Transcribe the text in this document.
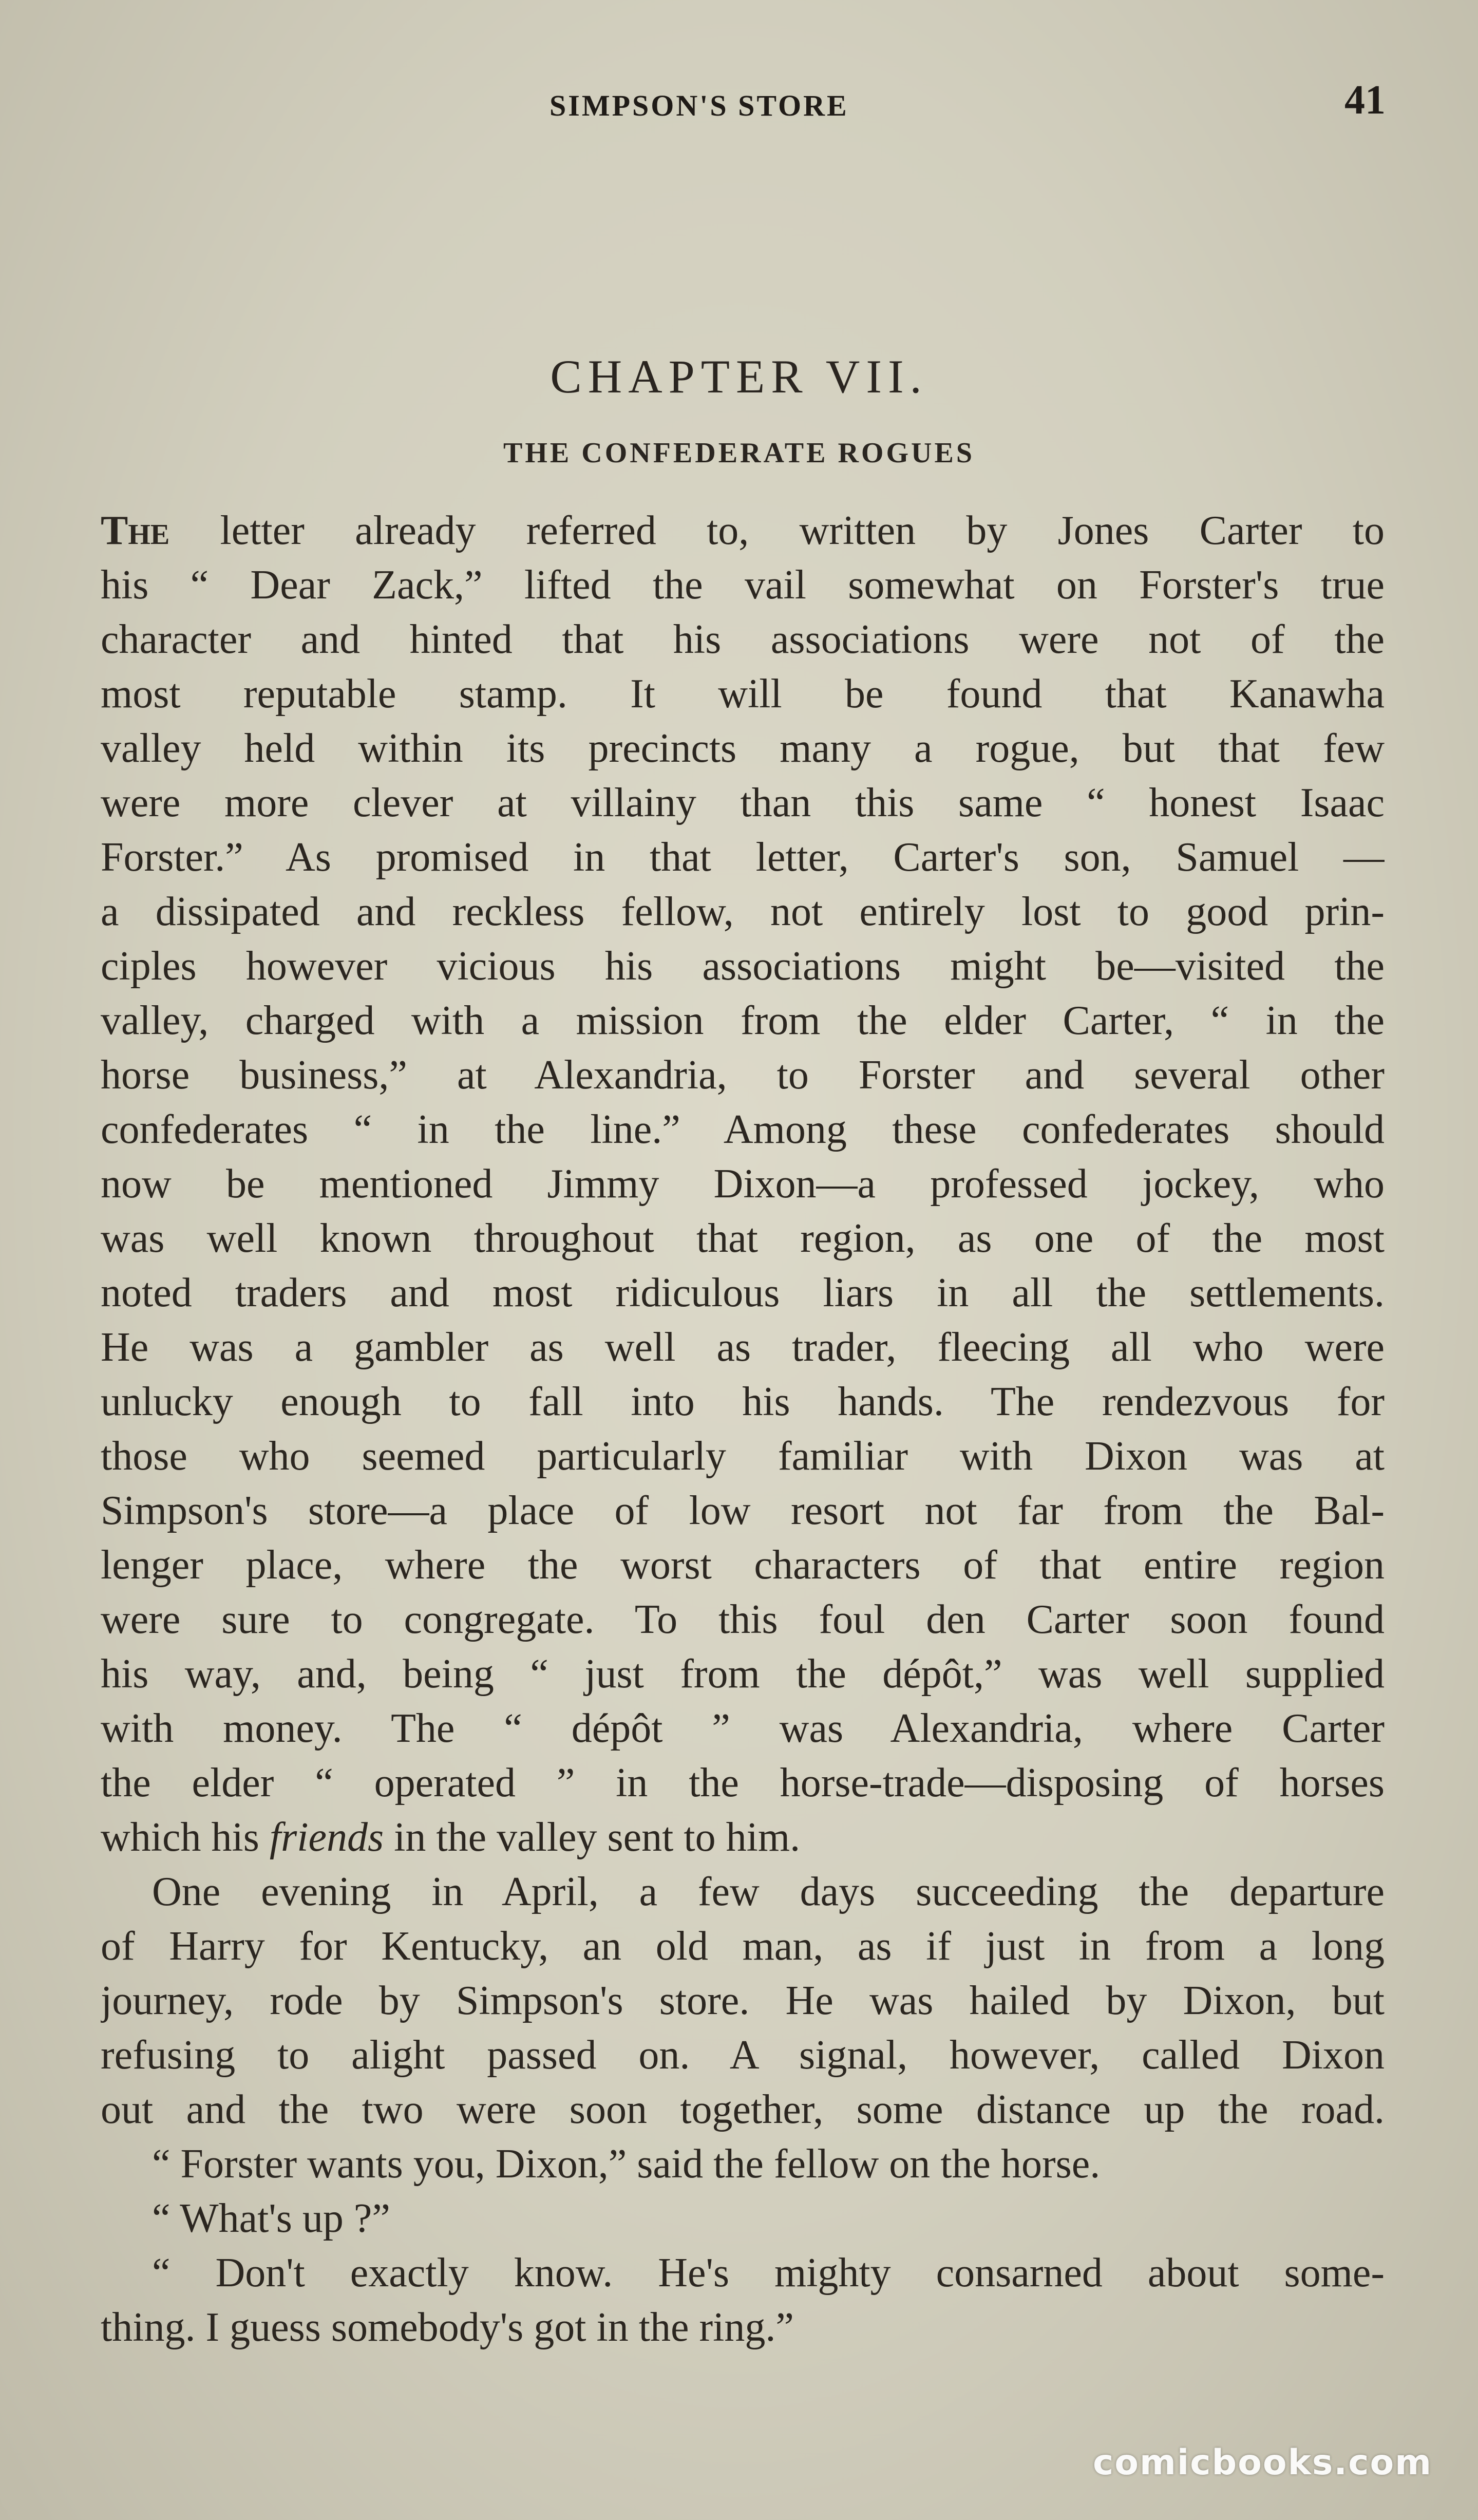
SIMPSON'S STORE	41
CHAPTER VII.
THE CONFEDERATE ROGUES
The letter already referred to, written by Jones Carter to
his “ Dear Zack,” lifted the vail somewhat on Forster's true
character and hinted that his associations were not of the
most reputable stamp. It will be found that Kanawha
valley held within its precincts many a rogue, but that few
were more clever at villainy than this same “ honest Isaac
Forster.” As promised in that letter, Carter's son, Samuel —
a dissipated and reckless fellow, not entirely lost to good prin-
ciples however vicious his associations might be—visited the
valley, charged with a mission from the elder Carter, “ in the
horse business,” at Alexandria, to Forster and several other
confederates “ in the line.” Among these confederates should
now be mentioned Jimmy Dixon—a professed jockey, who
was well known throughout that region, as one of the most
noted traders and most ridiculous liars in all the settlements.
He was a gambler as well as trader, fleecing all who were
unlucky enough to fall into his hands. The rendezvous for
those who seemed particularly familiar with Dixon was at
Simpson's store—a place of low resort not far from the Bal-
lenger place, where the worst characters of that entire region
were sure to congregate. To this foul den Carter soon found
his way, and, being “ just from the dépôt,” was well supplied
with money. The “ dépôt ” was Alexandria, where Carter
the elder “ operated ” in the horse-trade—disposing of horses
which his friends in the valley sent to him.
One evening in April, a few days succeeding the departure
of Harry for Kentucky, an old man, as if just in from a long
journey, rode by Simpson's store. He was hailed by Dixon, but
refusing to alight passed on. A signal, however, called Dixon
out and the two were soon together, some distance up the road.
“ Forster wants you, Dixon,” said the fellow on the horse.
“ What's up ?”
“ Don't exactly know. He's mighty consarned about some-
thing. I guess somebody's got in the ring.”
comicbooks.com
